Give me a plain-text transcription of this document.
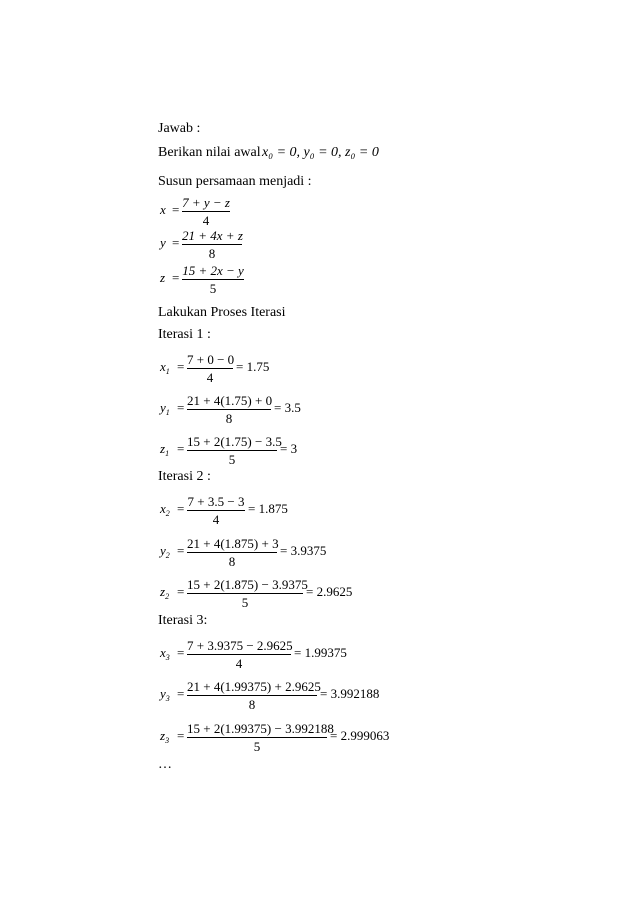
Jawab :
Berikan nilai awal x₀ = 0, y₀ = 0, z₀ = 0
Susun persamaan menjadi :
x = 7 + y − z
4
y = 21 + 4x + z
8
z = 15 + 2x − y
5
Lakukan Proses Iterasi
Iterasi 1 :
$x_1 = 7 + 0 - 0$
4
= 1.75
$y_1 = 21 + 4(1.75) + 0$
8
= 3.5
$z_1 = 15 + 2(1.75) - 3.5$
5
= 3
Iterasi 2 :
$x_2 = 7 + 3.5 - 3$
4
= 1.875
$y_2 = 21 + 4(1.875) + 3$
8
= 3.9375
$z_2 = 15 + 2(1.875) - 3.9375$
5
= 2.9625
Iterasi 3:
$x_3 = 7 + 3.9375 - 2.9625$
4
= 1.99375
$y_3 = 21 + 4(1.99375) + 2.9625$
8
= 3.992188
$z_3 = 15 + 2(1.99375) - 3.992188$
5
= 2.999063
…
